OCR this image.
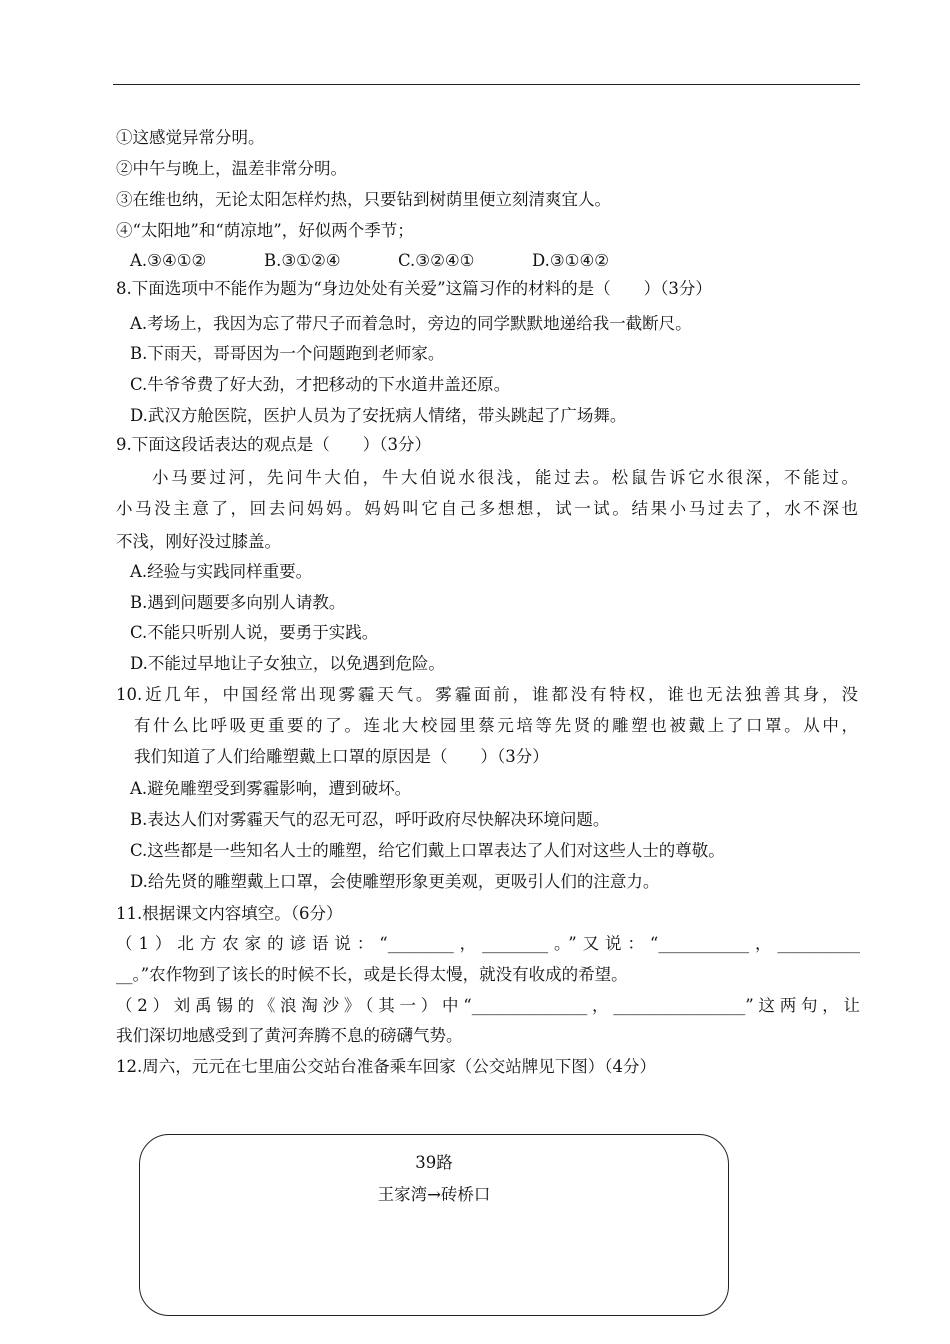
①这感觉异常分明。
②中午与晚上，温差非常分明。
③在维也纳，无论太阳怎样灼热，只要钻到树荫里便立刻清爽宜人。
④“太阳地”和“荫凉地”，好似两个季节；
A.③④①②	B.③①②④	C.③②④①	D.③①④②
8.下面选项中不能作为题为“身边处处有关爱”这篇习作的材料的是（　　）（3分）
A.考场上，我因为忘了带尺子而着急时，旁边的同学默默地递给我一截断尺。
B.下雨天，哥哥因为一个问题跑到老师家。
C.牛爷爷费了好大劲，才把移动的下水道井盖还原。
D.武汉方舱医院，医护人员为了安抚病人情绪，带头跳起了广场舞。
9.下面这段话表达的观点是（　　）（3分）
小马要过河，先问牛大伯，牛大伯说水很浅，能过去。松鼠告诉它水很深，不能过。
小马没主意了，回去问妈妈。妈妈叫它自己多想想，试一试。结果小马过去了，水不深也
不浅，刚好没过膝盖。
A.经验与实践同样重要。
B.遇到问题要多向别人请教。
C.不能只听别人说，要勇于实践。
D.不能过早地让子女独立，以免遇到危险。
10.近几年，中国经常出现雾霾天气。雾霾面前，谁都没有特权，谁也无法独善其身，没
有什么比呼吸更重要的了。连北大校园里蔡元培等先贤的雕塑也被戴上了口罩。从中，
我们知道了人们给雕塑戴上口罩的原因是（　　）（3分）
A.避免雕塑受到雾霾影响，遭到破坏。
B.表达人们对雾霾天气的忍无可忍，呼吁政府尽快解决环境问题。
C.这些都是一些知名人士的雕塑，给它们戴上口罩表达了人们对这些人士的尊敬。
D.给先贤的雕塑戴上口罩，会使雕塑形象更美观，更吸引人们的注意力。
11.根据课文内容填空。（6分）
（1）北方农家的谚语说：“________，________。”又说：“___________，__________
__。”农作物到了该长的时候不长，或是长得太慢，就没有收成的希望。
（2）刘禹锡的《浪淘沙》（其一）中“______________，________________”这两句，让
我们深切地感受到了黄河奔腾不息的磅礴气势。
12.周六，元元在七里庙公交站台准备乘车回家（公交站牌见下图）（4分）
39路
王家湾→砖桥口
